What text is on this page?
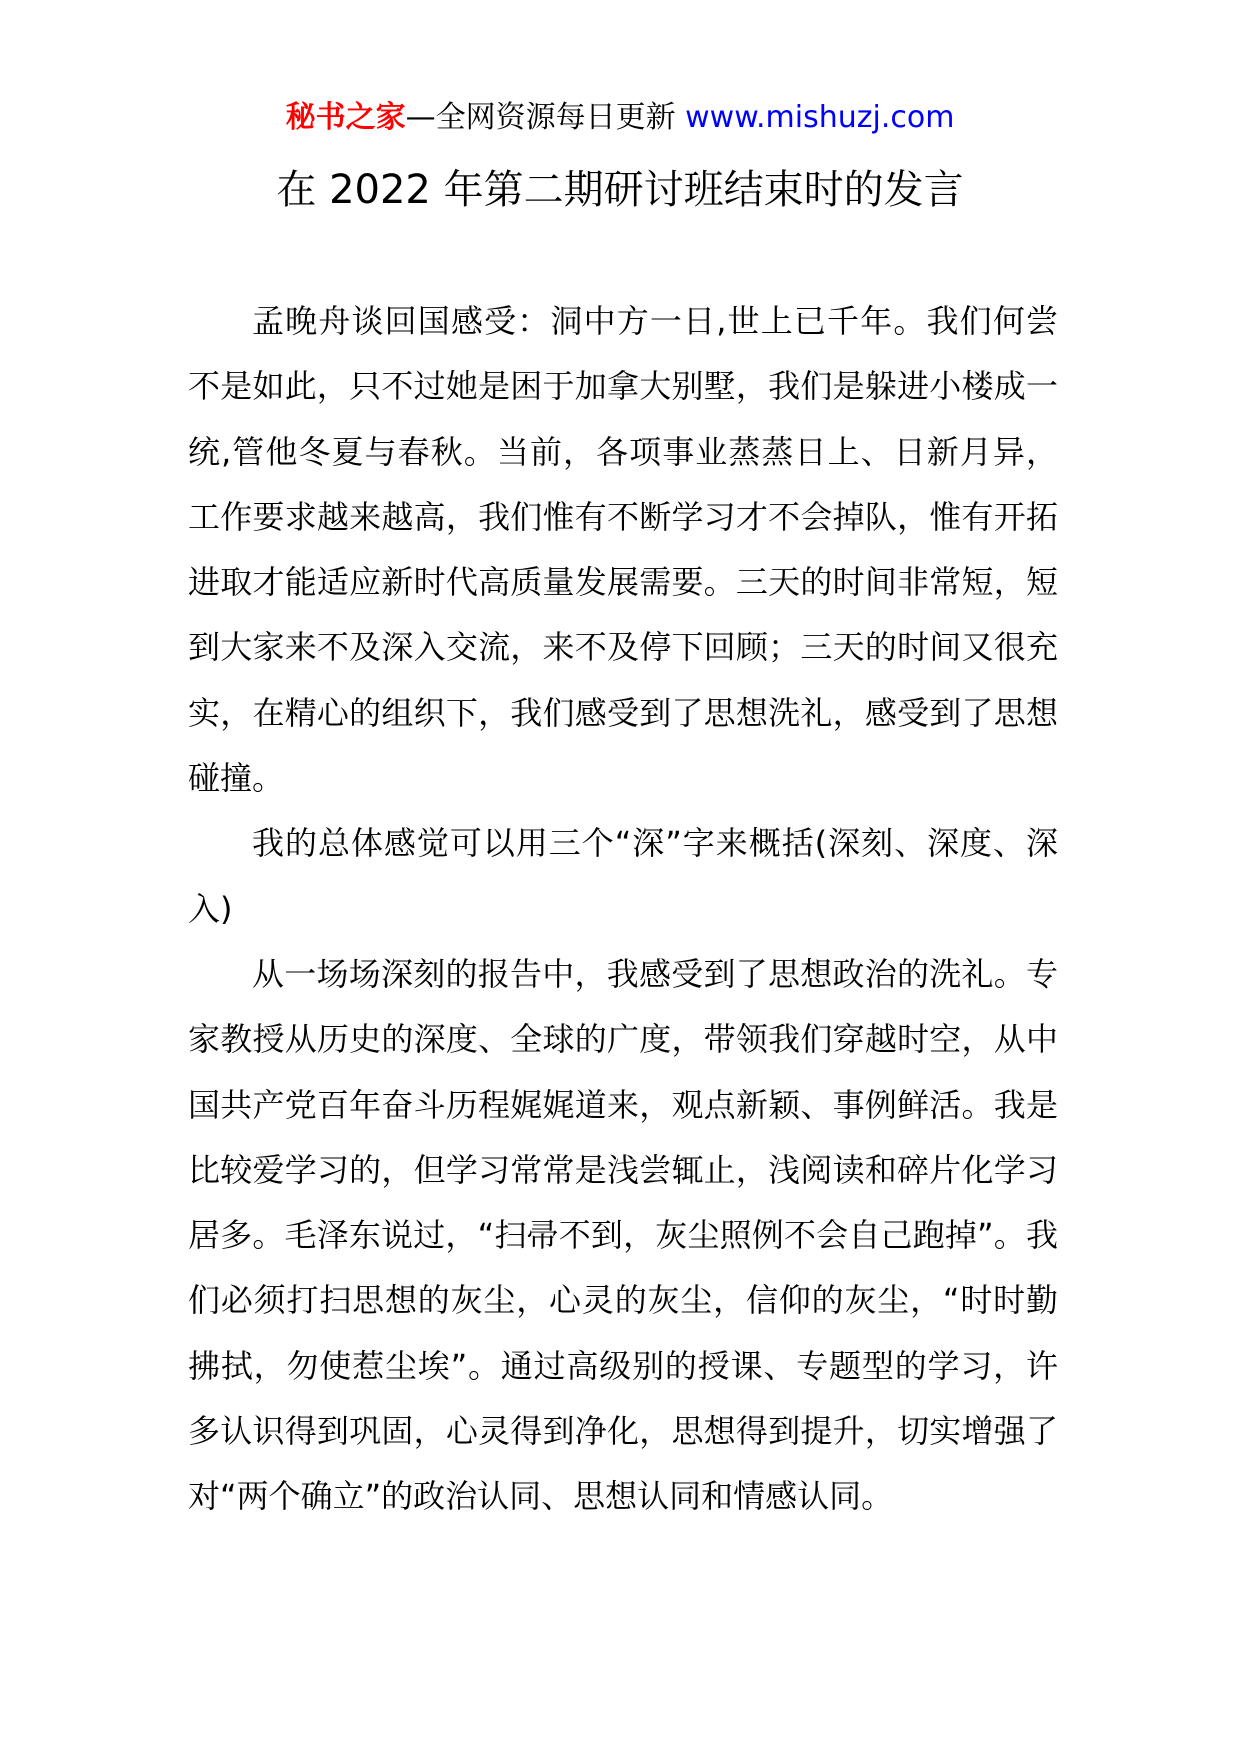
秘书之家—全网资源每日更新 www.mishuzj.com
在 2022 年第二期研讨班结束时的发言

孟晚舟谈回国感受：洞中方一日,世上已千年。我们何尝不是如此，只不过她是困于加拿大别墅，我们是躲进小楼成一统,管他冬夏与春秋。当前，各项事业蒸蒸日上、日新月异，工作要求越来越高，我们惟有不断学习才不会掉队，惟有开拓进取才能适应新时代高质量发展需要。三天的时间非常短，短到大家来不及深入交流，来不及停下回顾；三天的时间又很充实，在精心的组织下，我们感受到了思想洗礼，感受到了思想碰撞。

我的总体感觉可以用三个“深”字来概括(深刻、深度、深入)

从一场场深刻的报告中，我感受到了思想政治的洗礼。专家教授从历史的深度、全球的广度，带领我们穿越时空，从中国共产党百年奋斗历程娓娓道来，观点新颖、事例鲜活。我是比较爱学习的，但学习常常是浅尝辄止，浅阅读和碎片化学习居多。毛泽东说过，“扫帚不到，灰尘照例不会自己跑掉”。我们必须打扫思想的灰尘，心灵的灰尘，信仰的灰尘，“时时勤拂拭，勿使惹尘埃”。通过高级别的授课、专题型的学习，许多认识得到巩固，心灵得到净化，思想得到提升，切实增强了对“两个确立”的政治认同、思想认同和情感认同。
